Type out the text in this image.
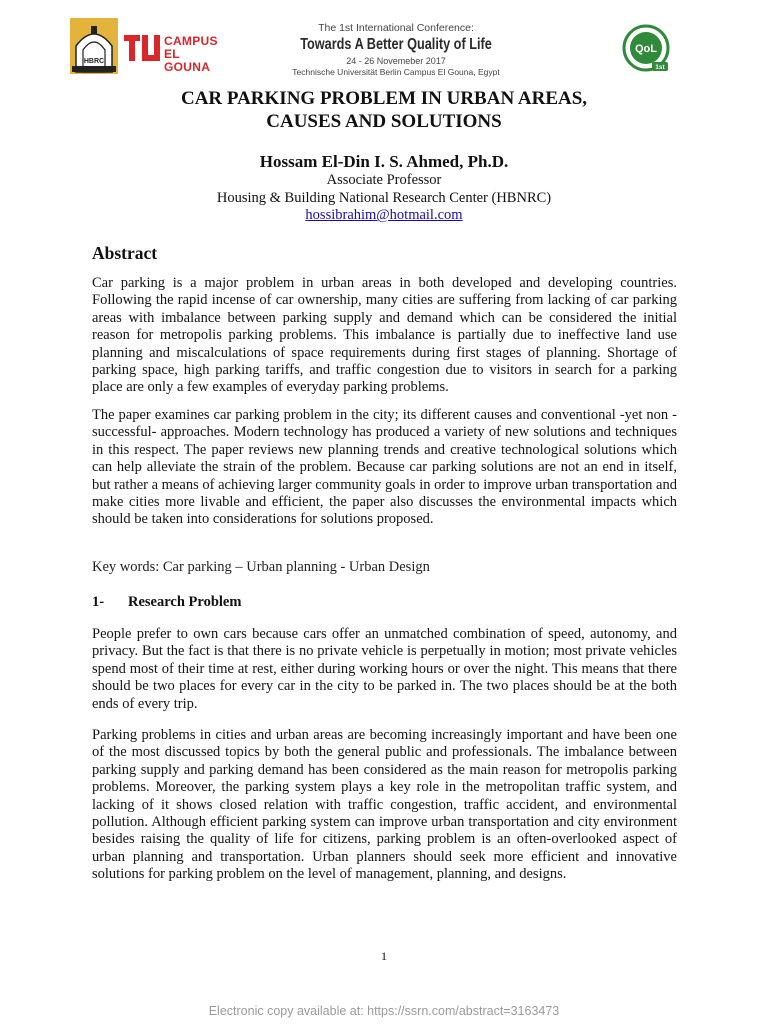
HBRC
CAMPUS
EL GOUNA
The 1st International Conference:
Towards A Better Quality of Life
24 - 26 Novemeber 2017
Technische Universität Berlin Campus El Gouna, Egypt
QoL
1st
CAR PARKING PROBLEM IN URBAN AREAS,
CAUSES AND SOLUTIONS

Hossam El-Din I. S. Ahmed, Ph.D.

Associate Professor

Housing & Building National Research Center (HBNRC)

hossibrahim@hotmail.com
Abstract

Car parking is a major problem in urban areas in both developed and developing countries. Following the rapid incense of car ownership, many cities are suffering from lacking of car parking areas with imbalance between parking supply and demand which can be considered the initial reason for metropolis parking problems. This imbalance is partially due to ineffective land use planning and miscalculations of space requirements during first stages of planning. Shortage of parking space, high parking tariffs, and traffic congestion due to visitors in search for a parking place are only a few examples of everyday parking problems.

The paper examines car parking problem in the city; its different causes and conventional -yet non -successful- approaches. Modern technology has produced a variety of new solutions and techniques in this respect. The paper reviews new planning trends and creative technological solutions which can help alleviate the strain of the problem. Because car parking solutions are not an end in itself, but rather a means of achieving larger community goals in order to improve urban transportation and make cities more livable and efficient, the paper also discusses the environmental impacts which should be taken into considerations for solutions proposed.

Key words: Car parking – Urban planning - Urban Design

1- Research Problem

People prefer to own cars because cars offer an unmatched combination of speed, autonomy, and privacy. But the fact is that there is no private vehicle is perpetually in motion; most private vehicles spend most of their time at rest, either during working hours or over the night. This means that there should be two places for every car in the city to be parked in. The two places should be at the both ends of every trip.

Parking problems in cities and urban areas are becoming increasingly important and have been one of the most discussed topics by both the general public and professionals. The imbalance between parking supply and parking demand has been considered as the main reason for metropolis parking problems. Moreover, the parking system plays a key role in the metropolitan traffic system, and lacking of it shows closed relation with traffic congestion, traffic accident, and environmental pollution. Although efficient parking system can improve urban transportation and city environment besides raising the quality of life for citizens, parking problem is an often-overlooked aspect of urban planning and transportation. Urban planners should seek more efficient and innovative solutions for parking problem on the level of management, planning, and designs.

1

Electronic copy available at: https://ssrn.com/abstract=3163473
